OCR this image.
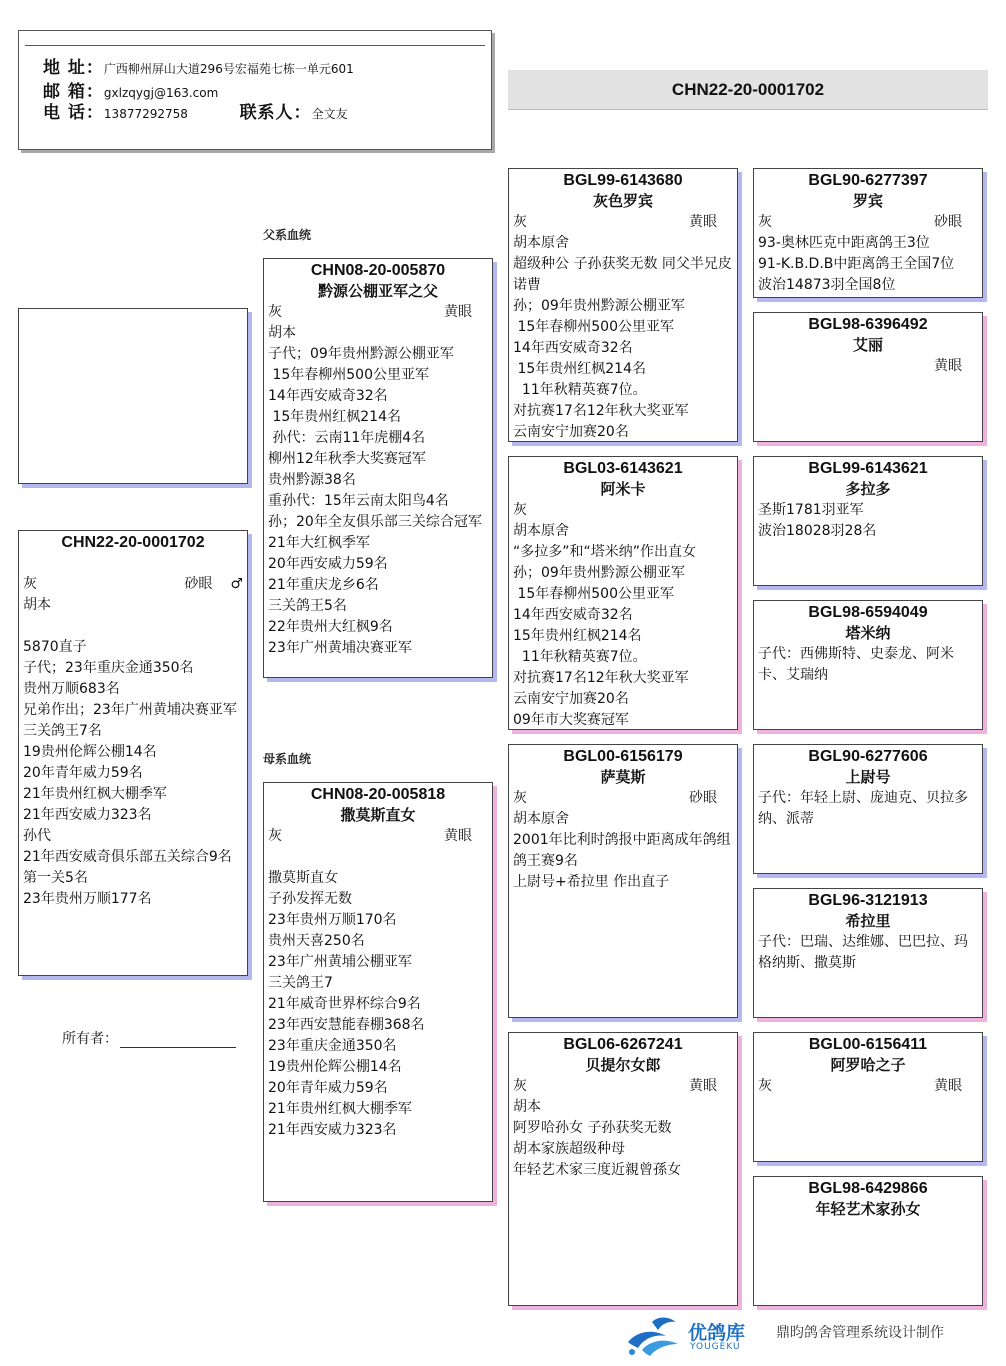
地 址：广西柳州屏山大道296号宏福苑七栋一单元601
邮 箱：gxlzqygj@163.com
电 话：13877292758	联系人：全文友
CHN22-20-0001702
CHN22-20-0001702
灰	砂眼 ♂
胡本
5870直子
子代；23年重庆金通350名
贵州万顺683名
兄弟作出；23年广州黄埔决赛亚军
三关鸽王7名
19贵州伦辉公棚14名
20年青年威力59名
21年贵州红枫大棚季军
21年西安威力323名
孙代
21年西安威奇俱乐部五关综合9名
第一关5名
23年贵州万顺177名
父系血统
母系血统
CHN08-20-005870
黔源公棚亚军之父
灰	黄眼
胡本
子代；09年贵州黔源公棚亚军
15年春柳州500公里亚军
14年西安威奇32名
15年贵州红枫214名
孙代：云南11年虎棚4名
柳州12年秋季大奖赛冠军
贵州黔源38名
重孙代：15年云南太阳鸟4名
孙；20年全友俱乐部三关综合冠军
21年大红枫季军
20年西安威力59名
21年重庆龙乡6名
三关鸽王5名
22年贵州大红枫9名
23年广州黄埔决赛亚军
CHN08-20-005818
撒莫斯直女
灰	黄眼
撒莫斯直女
子孙发挥无数
23年贵州万顺170名
贵州天喜250名
23年广州黄埔公棚亚军
三关鸽王7
21年威奇世界杯综合9名
23年西安慧能春棚368名
23年重庆金通350名
19贵州伦辉公棚14名
20年青年威力59名
21年贵州红枫大棚季军
21年西安威力323名
BGL99-6143680
灰色罗宾
灰	黄眼
胡本原舍
超级种公 子孙获奖无数 同父半兄皮诺曹
孙；09年贵州黔源公棚亚军
15年春柳州500公里亚军
14年西安威奇32名
15年贵州红枫214名
11年秋精英赛7位。
对抗赛17名12年秋大奖亚军
云南安宁加赛20名
BGL03-6143621
阿米卡
灰
胡本原舍
“多拉多”和“塔米纳”作出直女
孙；09年贵州黔源公棚亚军
15年春柳州500公里亚军
14年西安威奇32名
15年贵州红枫214名
11年秋精英赛7位。
对抗赛17名12年秋大奖亚军
云南安宁加赛20名
09年市大奖赛冠军
BGL00-6156179
萨莫斯
灰	砂眼
胡本原舍
2001年比利时鸽报中距离成年鸽组鸽王赛9名
上尉号+希拉里 作出直子
BGL06-6267241
贝提尔女郎
灰	黄眼
胡本
阿罗哈孙女 子孙获奖无数
胡本家族超级种母
年轻艺术家三度近親曾孫女
BGL90-6277397
罗宾
灰	砂眼
93-奥林匹克中距离鸽王3位
91-K.B.D.B中距离鸽王全国7位
波治14873羽全国8位
BGL98-6396492
艾丽
黄眼
BGL99-6143621
多拉多
圣斯1781羽亚军
波治18028羽28名
BGL98-6594049
塔米纳
子代：西佛斯特、史泰龙、阿米卡、艾瑞纳
BGL90-6277606
上尉号
子代：年轻上尉、庞迪克、贝拉多纳、派蒂
BGL96-3121913
希拉里
子代：巴瑞、达维娜、巴巴拉、玛格纳斯、撒莫斯
BGL00-6156411
阿罗哈之子
灰	黄眼
BGL98-6429866
年轻艺术家孙女
所有者：
优鸽库
YOUGEKU
鼎昀鸽舍管理系统设计制作
